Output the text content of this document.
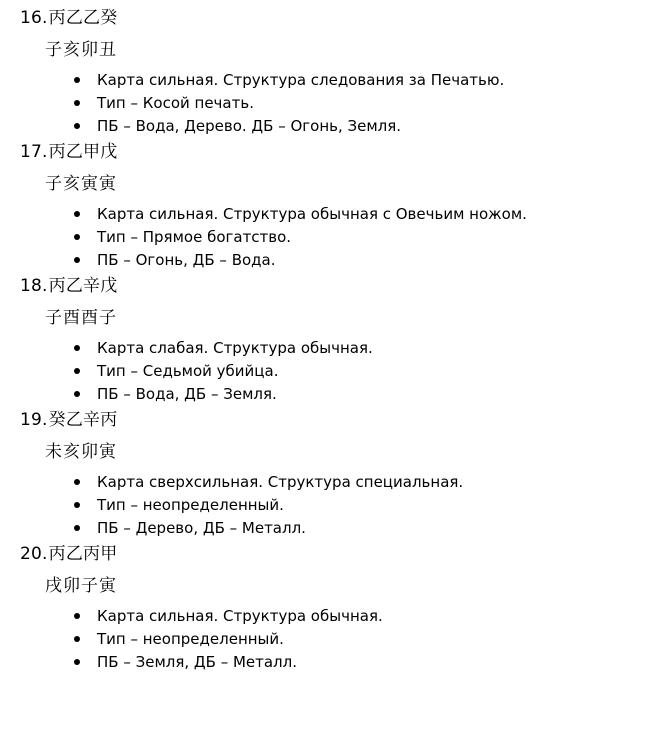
16.丙乙乙癸
子亥卯丑
Карта сильная. Структура следования за Печатью.
Тип – Косой печать.
ПБ – Вода, Дерево. ДБ – Огонь, Земля.
17.丙乙甲戊
子亥寅寅
Карта сильная. Структура обычная с Овечьим ножом.
Тип – Прямое богатство.
ПБ – Огонь, ДБ – Вода.
18.丙乙辛戊
子酉酉子
Карта слабая. Структура обычная.
Тип – Седьмой убийца.
ПБ – Вода, ДБ – Земля.
19.癸乙辛丙
未亥卯寅
Карта сверхсильная. Структура специальная.
Тип – неопределенный.
ПБ – Дерево, ДБ – Металл.
20.丙乙丙甲
戌卯子寅
Карта сильная. Структура обычная.
Тип – неопределенный.
ПБ – Земля, ДБ – Металл.
